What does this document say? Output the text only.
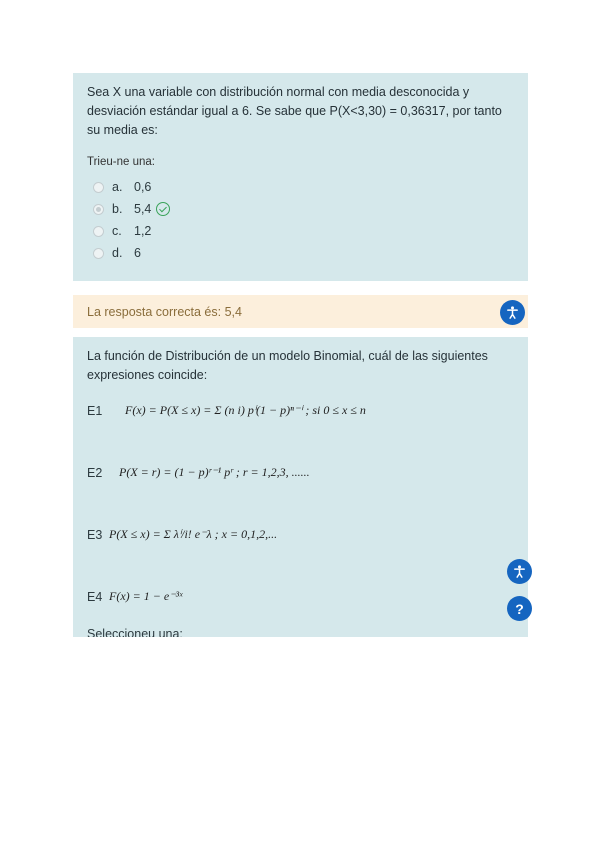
Sea X una variable con distribución normal con media desconocida y desviación estándar igual a 6. Se sabe que P(X<3,30) = 0,36317, por tanto su media es:
Trieu-ne una:
a. 0,6
b. 5,4
c. 1,2
d. 6
La resposta correcta és: 5,4
La función de Distribución de un modelo Binomial, cuál de las siguientes expresiones coincide:
E1	F(x) = P(X ≤ x) = Σ (n i) pⁱ(1 − p)ⁿ⁻ⁱ ; si 0 ≤ x ≤ n
E2	P(X = r) = (1 − p)ʳ⁻¹ pʳ ; r = 1,2,3, ......
E3 P(X ≤ x) = Σ λⁱ/i! e⁻λ ; x = 0,1,2,...
E4 F(x) = 1 − e⁻³ˣ
Seleccioneu una:
?
